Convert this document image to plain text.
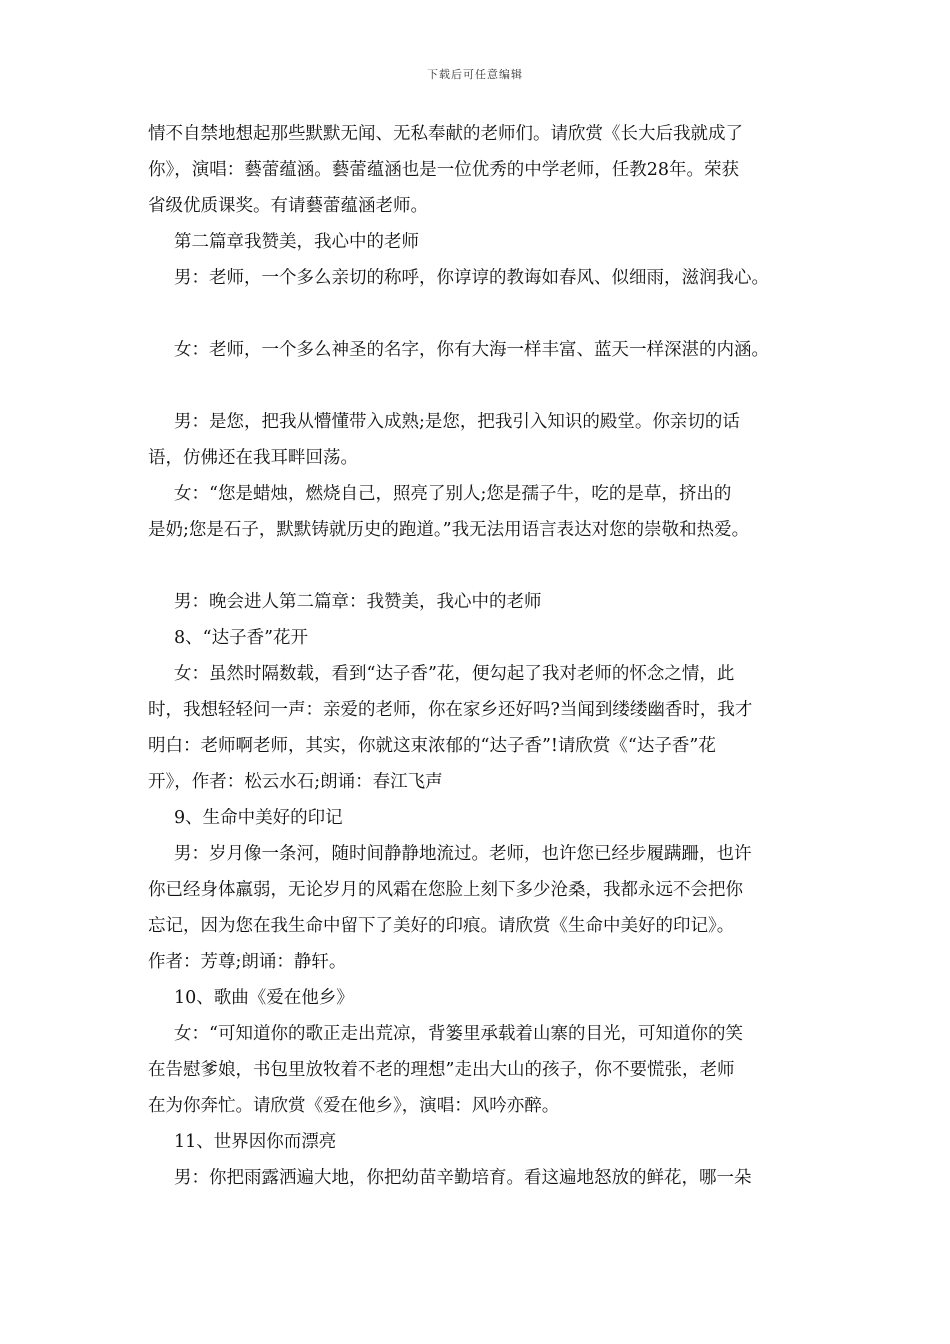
下载后可任意编辑
情不自禁地想起那些默默无闻、无私奉献的老师们。请欣赏《长大后我就成了
你》，演唱：藝蕾蕴涵。藝蕾蕴涵也是一位优秀的中学老师，任教28年。荣获
省级优质课奖。有请藝蕾蕴涵老师。
第二篇章我赞美，我心中的老师
男：老师，一个多么亲切的称呼，你谆谆的教诲如春风、似细雨，滋润我心。
女：老师，一个多么神圣的名字，你有大海一样丰富、蓝天一样深湛的内涵。
男：是您，把我从懵懂带入成熟;是您，把我引入知识的殿堂。你亲切的话
语，仿佛还在我耳畔回荡。
女：“您是蜡烛，燃烧自己，照亮了别人;您是孺子牛，吃的是草，挤出的
是奶;您是石子，默默铸就历史的跑道。”我无法用语言表达对您的崇敬和热爱。
男：晚会进人第二篇章：我赞美，我心中的老师
8、“达子香”花开
女：虽然时隔数载，看到“达子香”花，便勾起了我对老师的怀念之情，此
时，我想轻轻问一声：亲爱的老师，你在家乡还好吗?当闻到缕缕幽香时，我才
明白：老师啊老师，其实，你就这束浓郁的“达子香”!请欣赏《“达子香”花
开》，作者：松云水石;朗诵：春江飞声
9、生命中美好的印记
男：岁月像一条河，随时间静静地流过。老师，也许您已经步履蹒跚，也许
你已经身体羸弱，无论岁月的风霜在您脸上刻下多少沧桑，我都永远不会把你
忘记，因为您在我生命中留下了美好的印痕。请欣赏《生命中美好的印记》。
作者：芳尊;朗诵：静轩。
10、歌曲《爱在他乡》
女：“可知道你的歌正走出荒凉，背篓里承载着山寨的目光，可知道你的笑
在告慰爹娘，书包里放牧着不老的理想”走出大山的孩子，你不要慌张，老师
在为你奔忙。请欣赏《爱在他乡》，演唱：风吟亦醉。
11、世界因你而漂亮
男：你把雨露洒遍大地，你把幼苗辛勤培育。看这遍地怒放的鲜花，哪一朵
